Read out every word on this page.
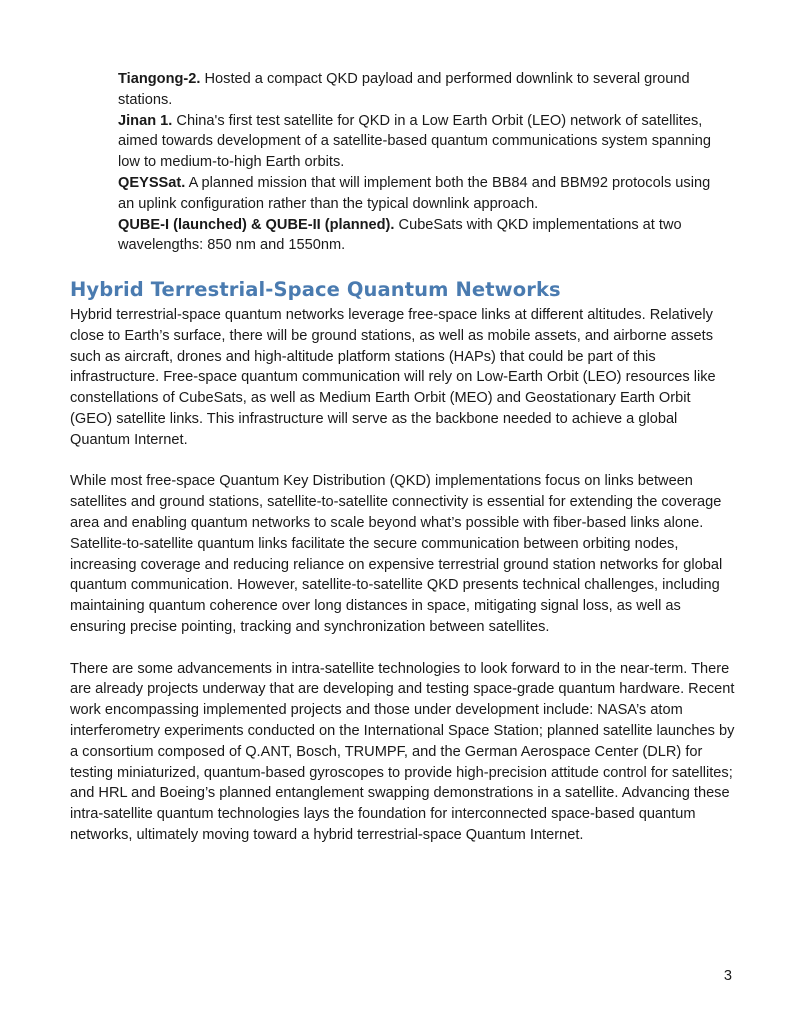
Tiangong-2. Hosted a compact QKD payload and performed downlink to several ground stations.

Jinan 1. China's first test satellite for QKD in a Low Earth Orbit (LEO) network of satellites, aimed towards development of a satellite-based quantum communications system spanning low to medium-to-high Earth orbits.

QEYSSat. A planned mission that will implement both the BB84 and BBM92 protocols using an uplink configuration rather than the typical downlink approach.

QUBE-I (launched) & QUBE-II (planned). CubeSats with QKD implementations at two wavelengths: 850 nm and 1550nm.

Hybrid Terrestrial-Space Quantum Networks

Hybrid terrestrial-space quantum networks leverage free-space links at different altitudes. Relatively close to Earth’s surface, there will be ground stations, as well as mobile assets, and airborne assets such as aircraft, drones and high-altitude platform stations (HAPs) that could be part of this infrastructure. Free-space quantum communication will rely on Low-Earth Orbit (LEO) resources like constellations of CubeSats, as well as Medium Earth Orbit (MEO) and Geostationary Earth Orbit (GEO) satellite links. This infrastructure will serve as the backbone needed to achieve a global Quantum Internet.

While most free-space Quantum Key Distribution (QKD) implementations focus on links between satellites and ground stations, satellite-to-satellite connectivity is essential for extending the coverage area and enabling quantum networks to scale beyond what’s possible with fiber-based links alone. Satellite-to-satellite quantum links facilitate the secure communication between orbiting nodes, increasing coverage and reducing reliance on expensive terrestrial ground station networks for global quantum communication. However, satellite-to-satellite QKD presents technical challenges, including maintaining quantum coherence over long distances in space, mitigating signal loss, as well as ensuring precise pointing, tracking and synchronization between satellites.

There are some advancements in intra-satellite technologies to look forward to in the near-term. There are already projects underway that are developing and testing space-grade quantum hardware. Recent work encompassing implemented projects and those under development include: NASA’s atom interferometry experiments conducted on the International Space Station; planned satellite launches by a consortium composed of Q.ANT, Bosch, TRUMPF, and the German Aerospace Center (DLR) for testing miniaturized, quantum-based gyroscopes to provide high-precision attitude control for satellites; and HRL and Boeing’s planned entanglement swapping demonstrations in a satellite. Advancing these intra-satellite quantum technologies lays the foundation for interconnected space-based quantum networks, ultimately moving toward a hybrid terrestrial-space Quantum Internet.

3
